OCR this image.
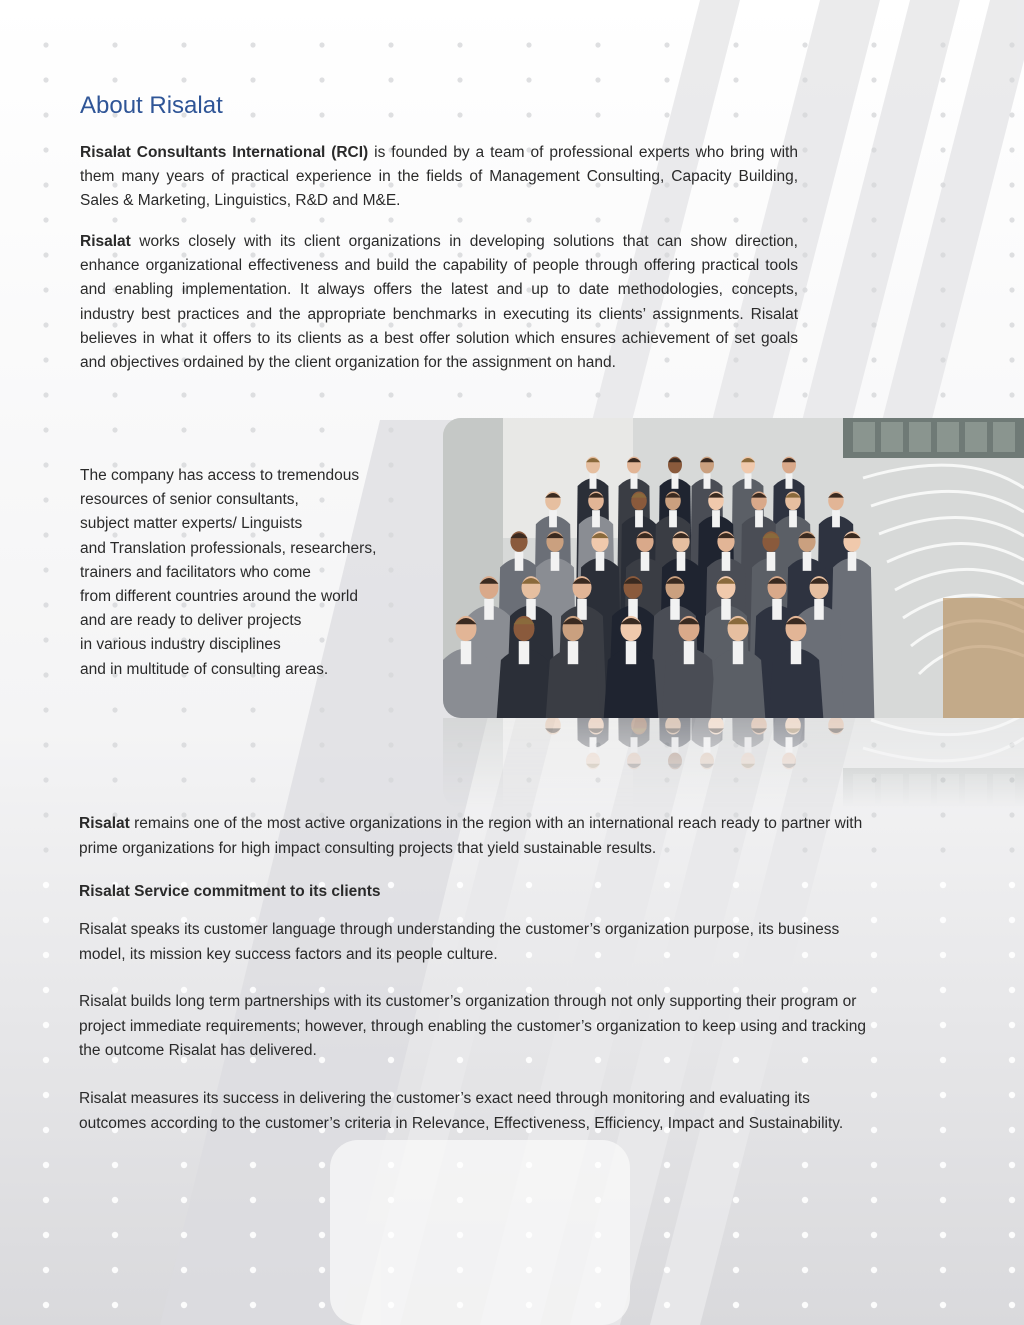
About Risalat

Risalat Consultants International (RCI) is founded by a team of professional experts who bring with them many years of practical experience in the fields of Management Consulting, Capacity Building, Sales & Marketing, Linguistics, R&D and M&E.

Risalat works closely with its client organizations in developing solutions that can show direction, enhance organizational effectiveness and build the capability of people through offering practical tools and enabling implementation. It always offers the latest and up to date methodologies, concepts, industry best practices and the appropriate benchmarks in executing its clients’ assignments. Risalat believes in what it offers to its clients as a best offer solution which ensures achievement of set goals and objectives ordained by the client organization for the assignment on hand.

The company has access to tremendous
resources of senior consultants,
subject matter experts/ Linguists
and Translation professionals, researchers,
trainers and facilitators who come
from different countries around the world
and are ready to deliver projects
in various industry disciplines
and in multitude of consulting areas.

Risalat remains one of the most active organizations in the region with an international reach ready to partner with prime organizations for high impact consulting projects that yield sustainable results.

Risalat Service commitment to its clients

Risalat speaks its customer language through understanding the customer’s organization purpose, its business model, its mission key success factors and its people culture.

Risalat builds long term partnerships with its customer’s organization through not only supporting their program or project immediate requirements; however, through enabling the customer’s organization to keep using and tracking the outcome Risalat has delivered.

Risalat measures its success in delivering the customer’s exact need through monitoring and evaluating its outcomes according to the customer’s criteria in Relevance, Effectiveness, Efficiency, Impact and Sustainability.
